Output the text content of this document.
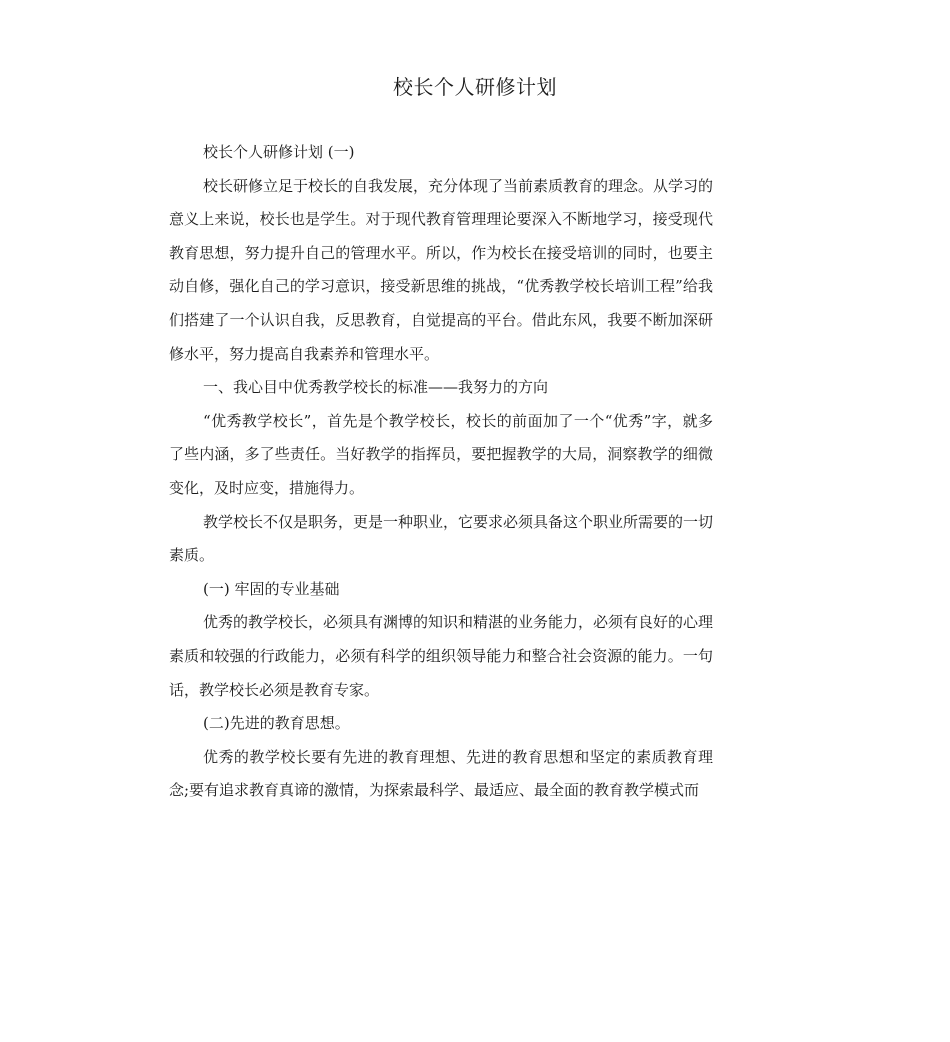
校长个人研修计划

校长个人研修计划 (一)

校长研修立足于校长的自我发展，充分体现了当前素质教育的理念。从学习的意义上来说，校长也是学生。对于现代教育管理理论要深入不断地学习，接受现代教育思想，努力提升自己的管理水平。所以，作为校长在接受培训的同时，也要主动自修，强化自己的学习意识，接受新思维的挑战，“优秀教学校长培训工程”给我们搭建了一个认识自我，反思教育，自觉提高的平台。借此东风，我要不断加深研修水平，努力提高自我素养和管理水平。

一、我心目中优秀教学校长的标准——我努力的方向

“优秀教学校长”，首先是个教学校长，校长的前面加了一个“优秀”字，就多了些内涵，多了些责任。当好教学的指挥员，要把握教学的大局，洞察教学的细微变化，及时应变，措施得力。

教学校长不仅是职务，更是一种职业，它要求必须具备这个职业所需要的一切素质。

(一) 牢固的专业基础

优秀的教学校长，必须具有渊博的知识和精湛的业务能力，必须有良好的心理素质和较强的行政能力，必须有科学的组织领导能力和整合社会资源的能力。一句话，教学校长必须是教育专家。

(二)先进的教育思想。

优秀的教学校长要有先进的教育理想、先进的教育思想和坚定的素质教育理念;要有追求教育真谛的激情，为探索最科学、最适应、最全面的教育教学模式而
